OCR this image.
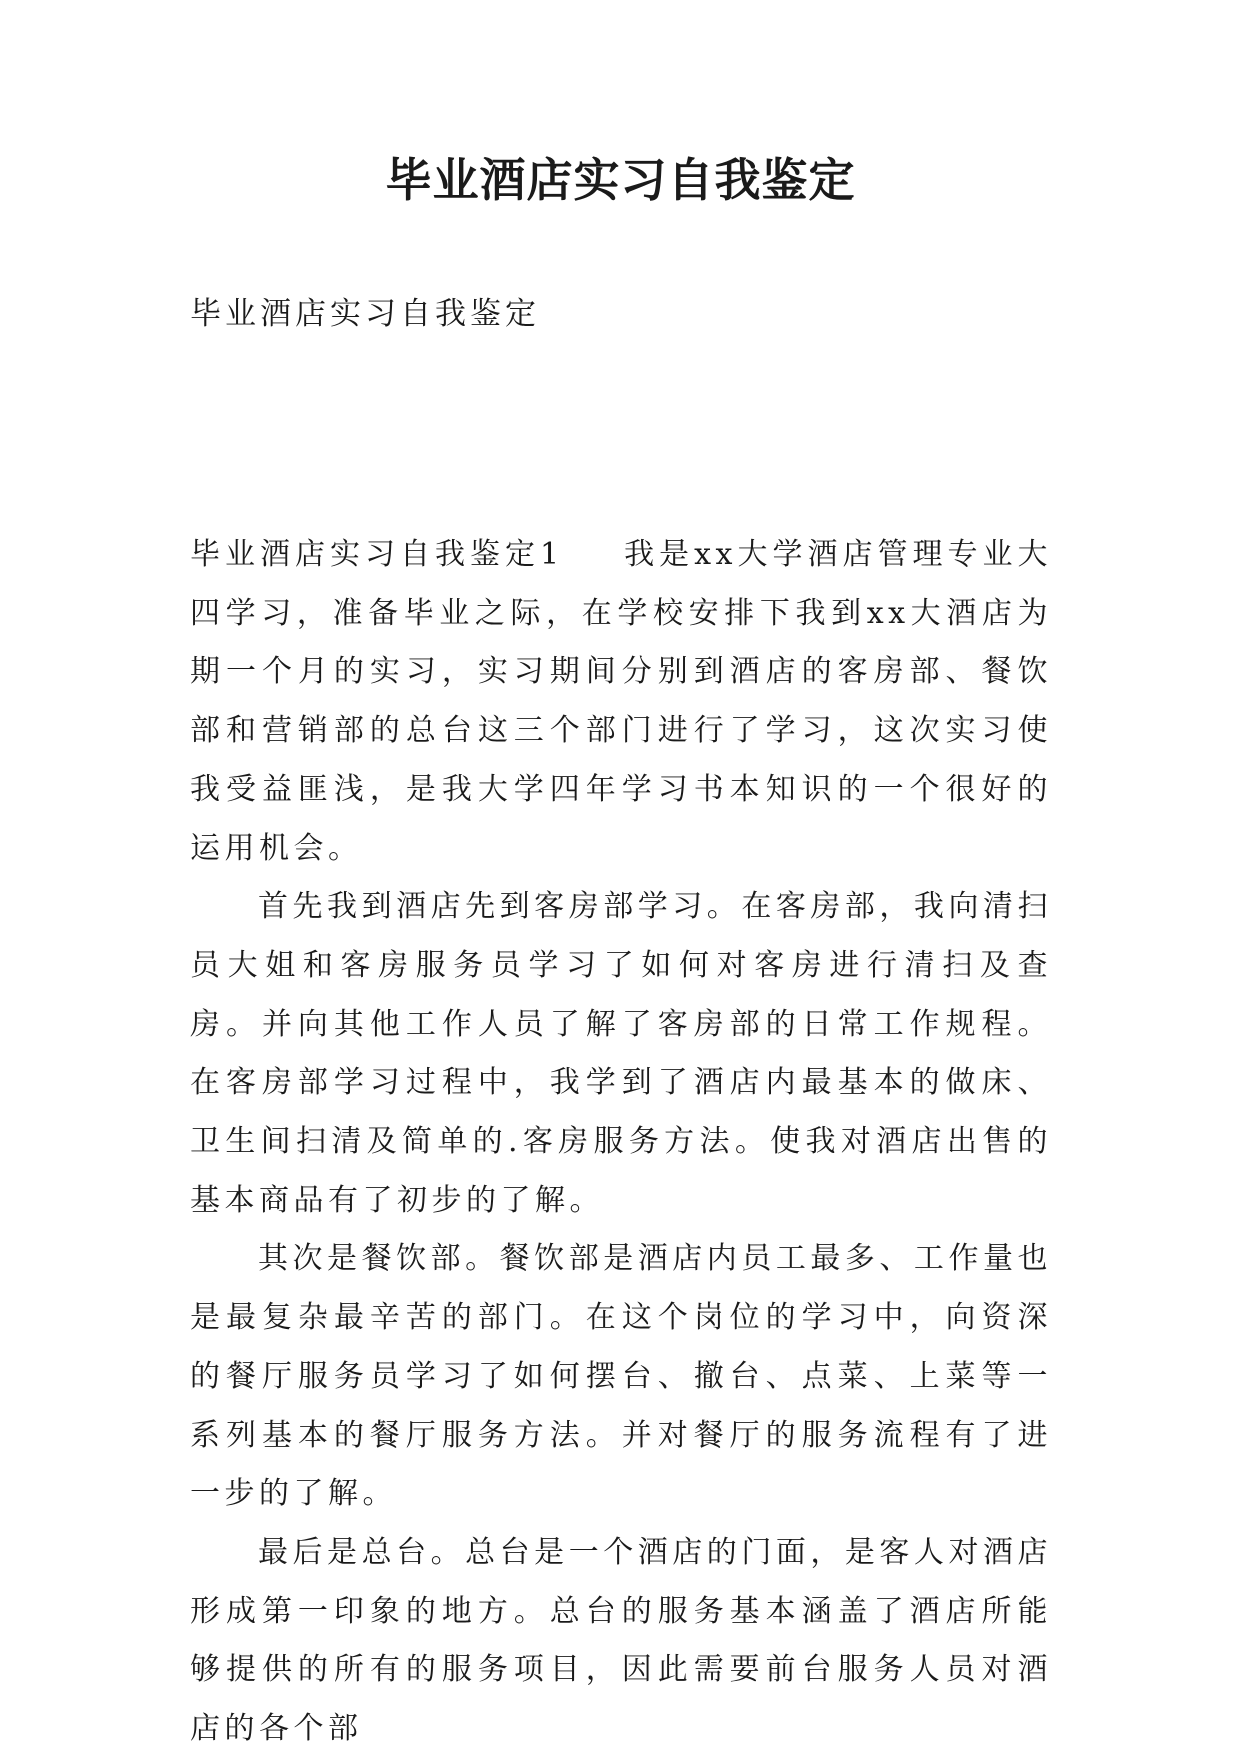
毕业酒店实习自我鉴定
毕业酒店实习自我鉴定

毕业酒店实习自我鉴定1 我是xx大学酒店管理专业大四学习，准备毕业之际，在学校安排下我到xx大酒店为期一个月的实习，实习期间分别到酒店的客房部、餐饮部和营销部的总台这三个部门进行了学习，这次实习使我受益匪浅，是我大学四年学习书本知识的一个很好的运用机会。

首先我到酒店先到客房部学习。在客房部，我向清扫员大姐和客房服务员学习了如何对客房进行清扫及查房。并向其他工作人员了解了客房部的日常工作规程。在客房部学习过程中，我学到了酒店内最基本的做床、卫生间扫清及简单的.客房服务方法。使我对酒店出售的基本商品有了初步的了解。

其次是餐饮部。餐饮部是酒店内员工最多、工作量也是最复杂最辛苦的部门。在这个岗位的学习中，向资深的餐厅服务员学习了如何摆台、撤台、点菜、上菜等一系列基本的餐厅服务方法。并对餐厅的服务流程有了进一步的了解。

最后是总台。总台是一个酒店的门面，是客人对酒店形成第一印象的地方。总台的服务基本涵盖了酒店所能够提供的所有的服务项目，因此需要前台服务人员对酒店的各个部
